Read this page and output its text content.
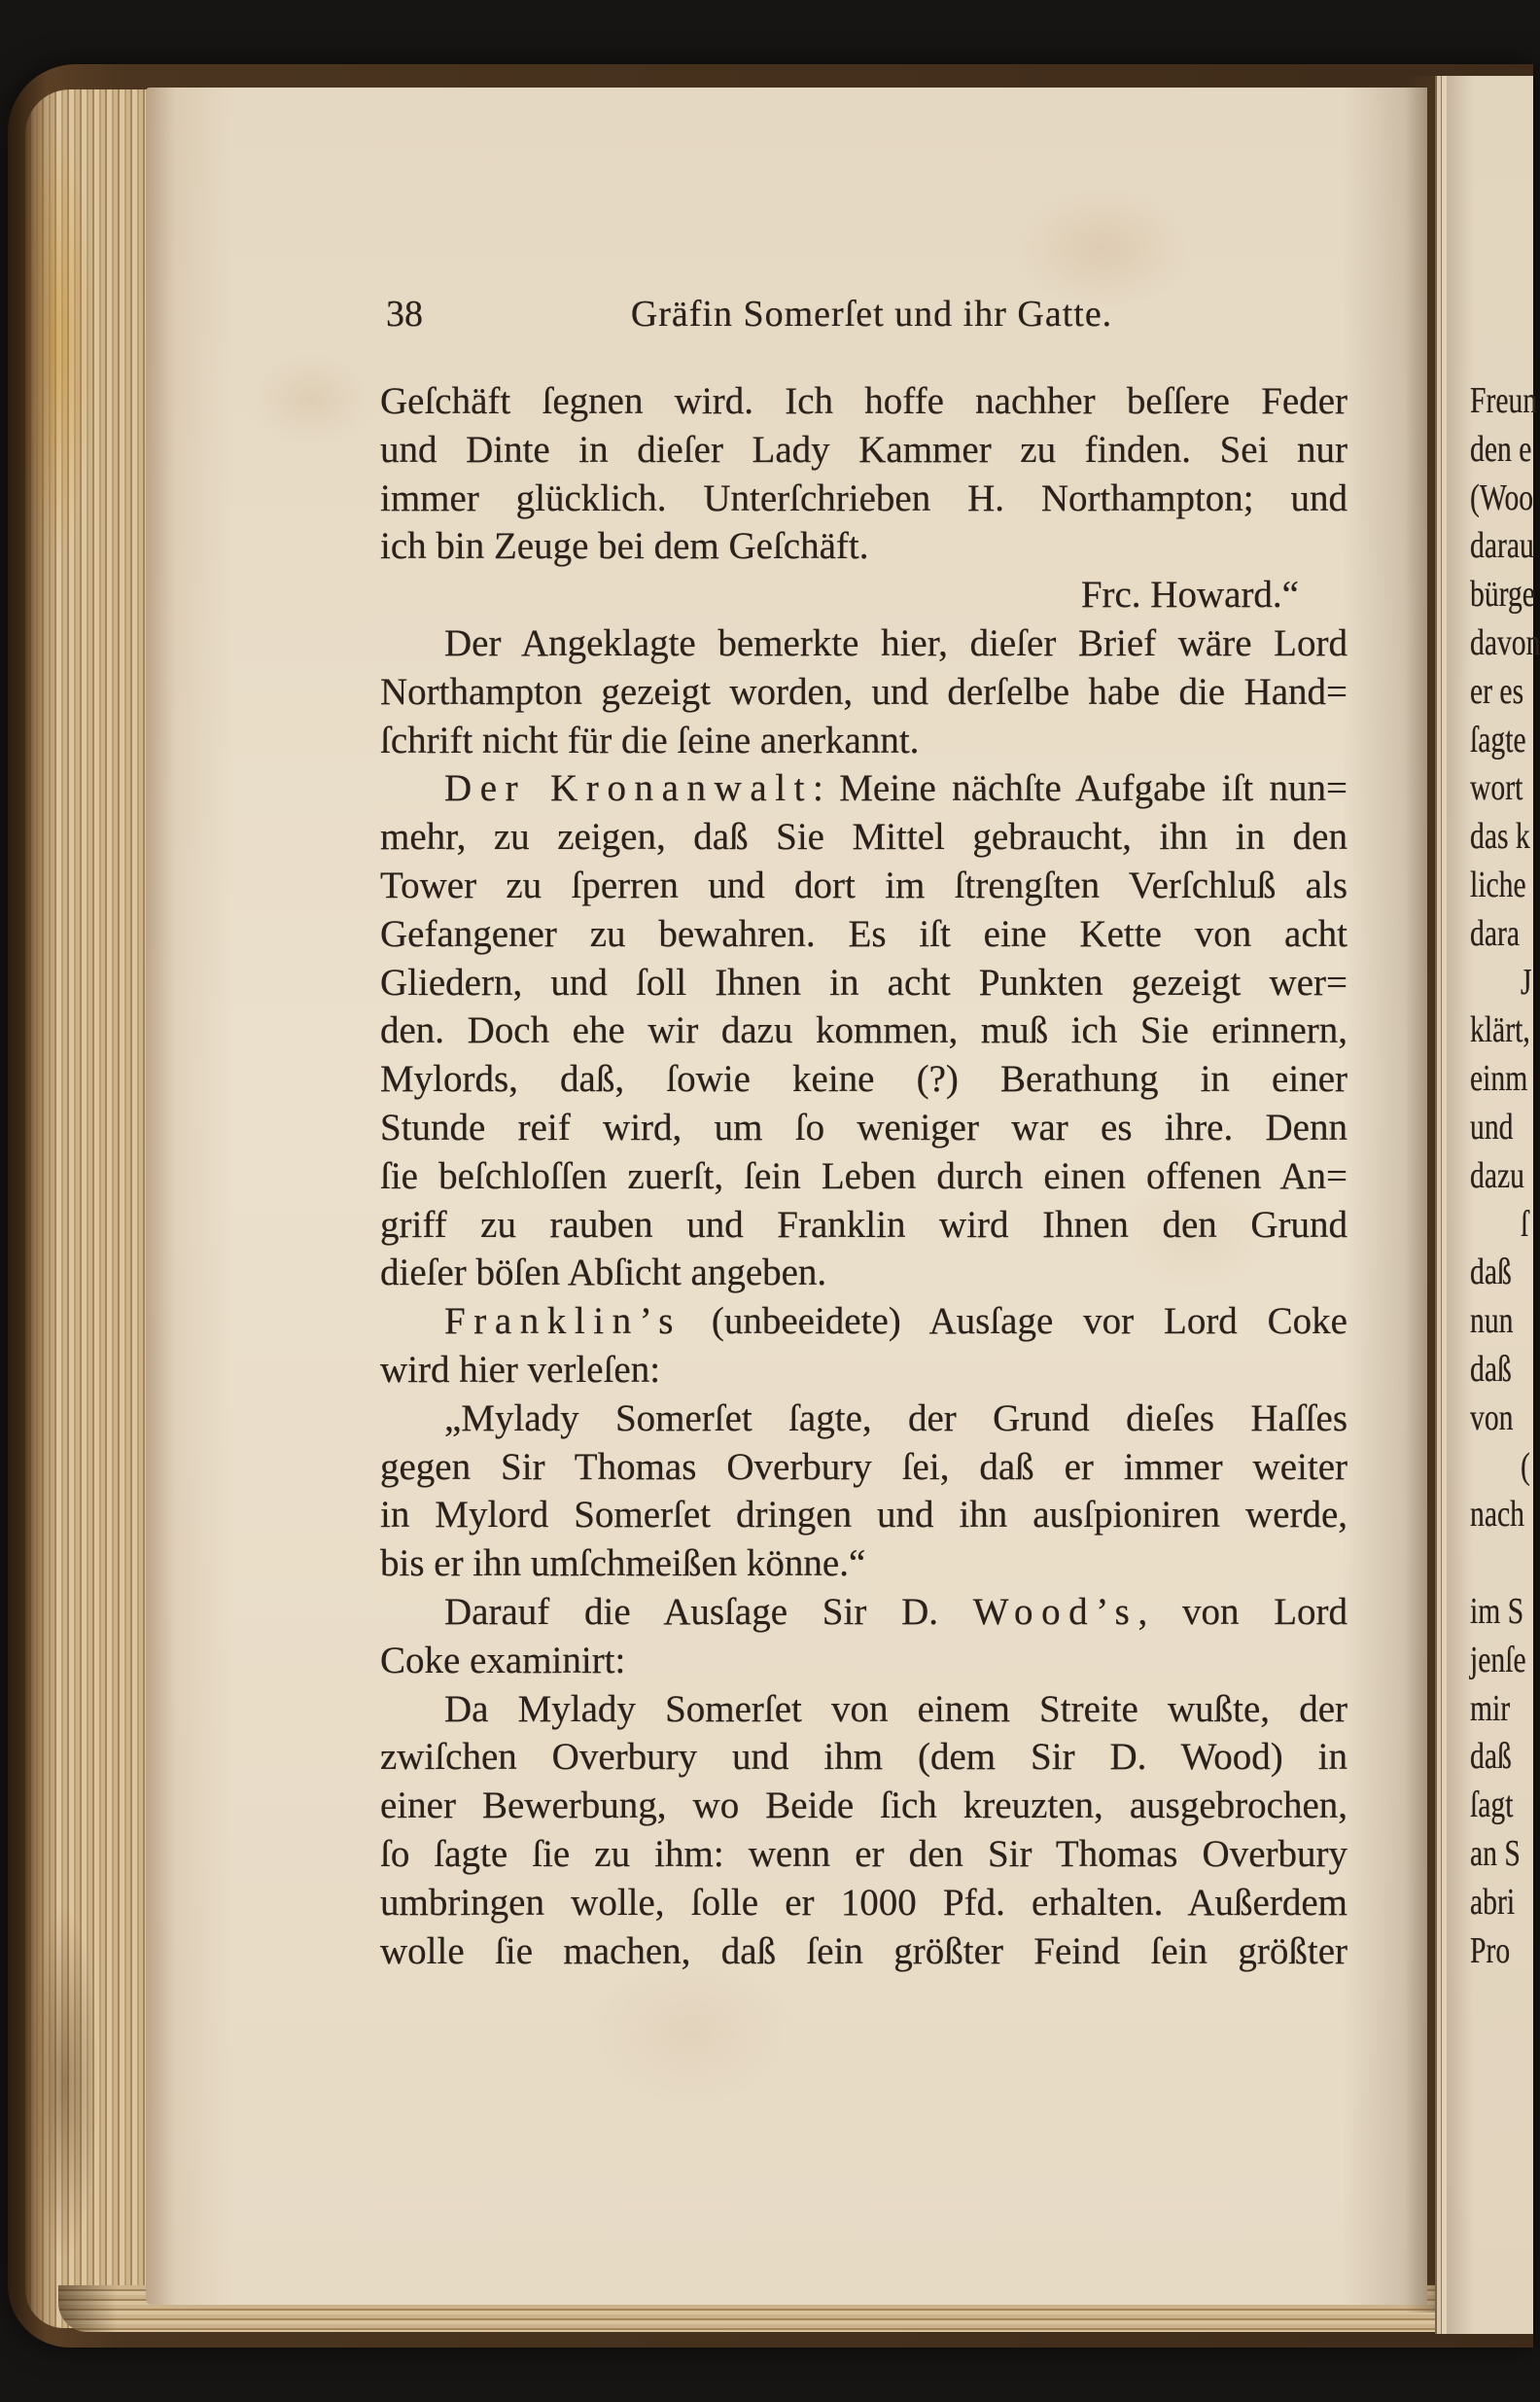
38	Gräfin Somerſet und ihr Gatte.
Geſchäft ſegnen wird. Ich hoffe nachher beſſere Feder
und Dinte in dieſer Lady Kammer zu finden. Sei nur
immer glücklich. Unterſchrieben H. Northampton; und
ich bin Zeuge bei dem Geſchäft.
Frc. Howard.“
Der Angeklagte bemerkte hier, dieſer Brief wäre Lord
Northampton gezeigt worden, und derſelbe habe die Hand=
ſchrift nicht für die ſeine anerkannt.
Der Kronanwalt: Meine nächſte Aufgabe iſt nun=
mehr, zu zeigen, daß Sie Mittel gebraucht, ihn in den
Tower zu ſperren und dort im ſtrengſten Verſchluß als
Gefangener zu bewahren. Es iſt eine Kette von acht
Gliedern, und ſoll Ihnen in acht Punkten gezeigt wer=
den. Doch ehe wir dazu kommen, muß ich Sie erinnern,
Mylords, daß, ſowie keine (?) Berathung in einer
Stunde reif wird, um ſo weniger war es ihre. Denn
ſie beſchloſſen zuerſt, ſein Leben durch einen offenen An=
griff zu rauben und Franklin wird Ihnen den Grund
dieſer böſen Abſicht angeben.
Franklin’s (unbeeidete) Ausſage vor Lord Coke
wird hier verleſen:
„Mylady Somerſet ſagte, der Grund dieſes Haſſes
gegen Sir Thomas Overbury ſei, daß er immer weiter
in Mylord Somerſet dringen und ihn ausſpioniren werde,
bis er ihn umſchmeißen könne.“
Darauf die Ausſage Sir D. Wood’s, von Lord
Coke examinirt:
Da Mylady Somerſet von einem Streite wußte, der
zwiſchen Overbury und ihm (dem Sir D. Wood) in
einer Bewerbung, wo Beide ſich kreuzten, ausgebrochen,
ſo ſagte ſie zu ihm: wenn er den Sir Thomas Overbury
umbringen wolle, ſolle er 1000 Pfd. erhalten. Außerdem
wolle ſie machen, daß ſein größter Feind ſein größter
Freun
den e
(Woo
darau
bürge
davon
er es
ſagte
wort
das k
liche
dara
J
klärt,
einm
und
dazu
ſ
daß
nun
daß
von
(
nach
im S
jenſe
mir
daß
ſagt
an S
abri
Pro
